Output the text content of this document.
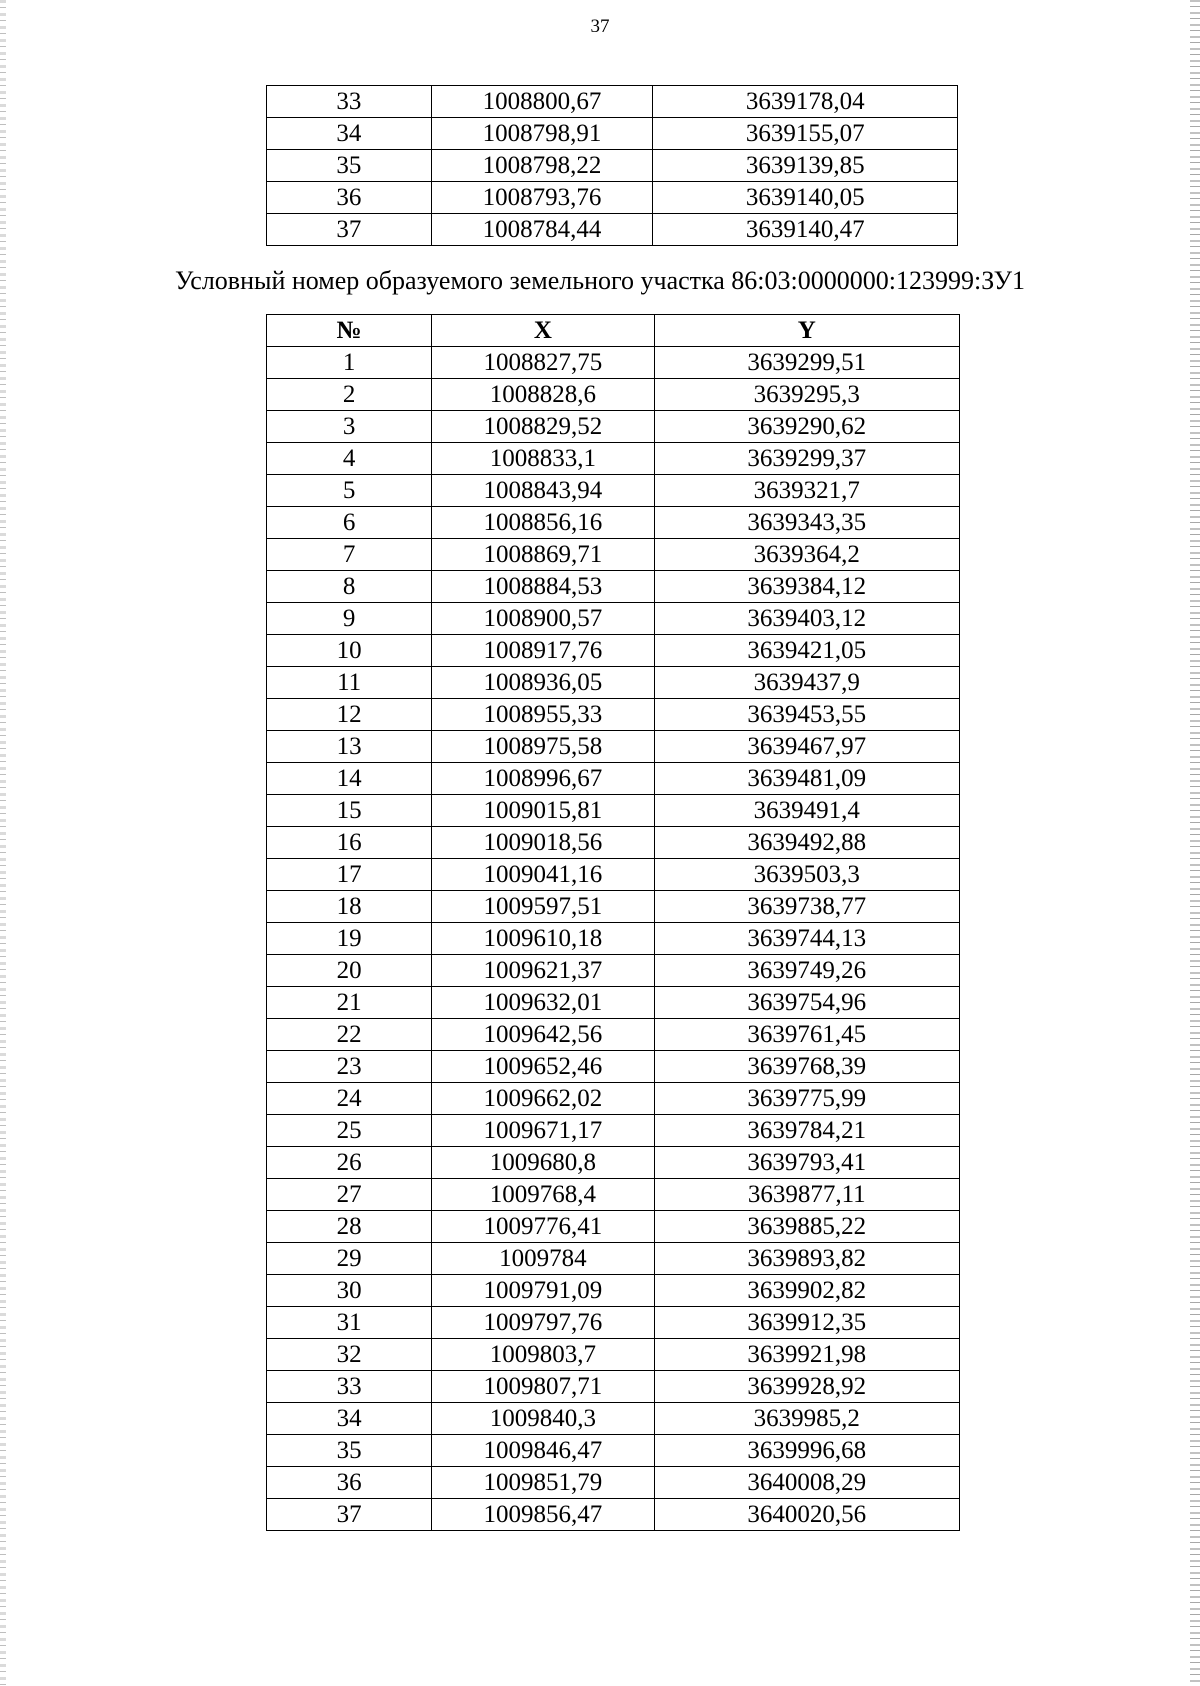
37
33	1008800,67	3639178,04
34	1008798,91	3639155,07
35	1008798,22	3639139,85
36	1008793,76	3639140,05
37	1008784,44	3639140,47
Условный номер образуемого земельного участка 86:03:0000000:123999:ЗУ1
№	X	Y
1	1008827,75	3639299,51
2	1008828,6	3639295,3
3	1008829,52	3639290,62
4	1008833,1	3639299,37
5	1008843,94	3639321,7
6	1008856,16	3639343,35
7	1008869,71	3639364,2
8	1008884,53	3639384,12
9	1008900,57	3639403,12
10	1008917,76	3639421,05
11	1008936,05	3639437,9
12	1008955,33	3639453,55
13	1008975,58	3639467,97
14	1008996,67	3639481,09
15	1009015,81	3639491,4
16	1009018,56	3639492,88
17	1009041,16	3639503,3
18	1009597,51	3639738,77
19	1009610,18	3639744,13
20	1009621,37	3639749,26
21	1009632,01	3639754,96
22	1009642,56	3639761,45
23	1009652,46	3639768,39
24	1009662,02	3639775,99
25	1009671,17	3639784,21
26	1009680,8	3639793,41
27	1009768,4	3639877,11
28	1009776,41	3639885,22
29	1009784	3639893,82
30	1009791,09	3639902,82
31	1009797,76	3639912,35
32	1009803,7	3639921,98
33	1009807,71	3639928,92
34	1009840,3	3639985,2
35	1009846,47	3639996,68
36	1009851,79	3640008,29
37	1009856,47	3640020,56
